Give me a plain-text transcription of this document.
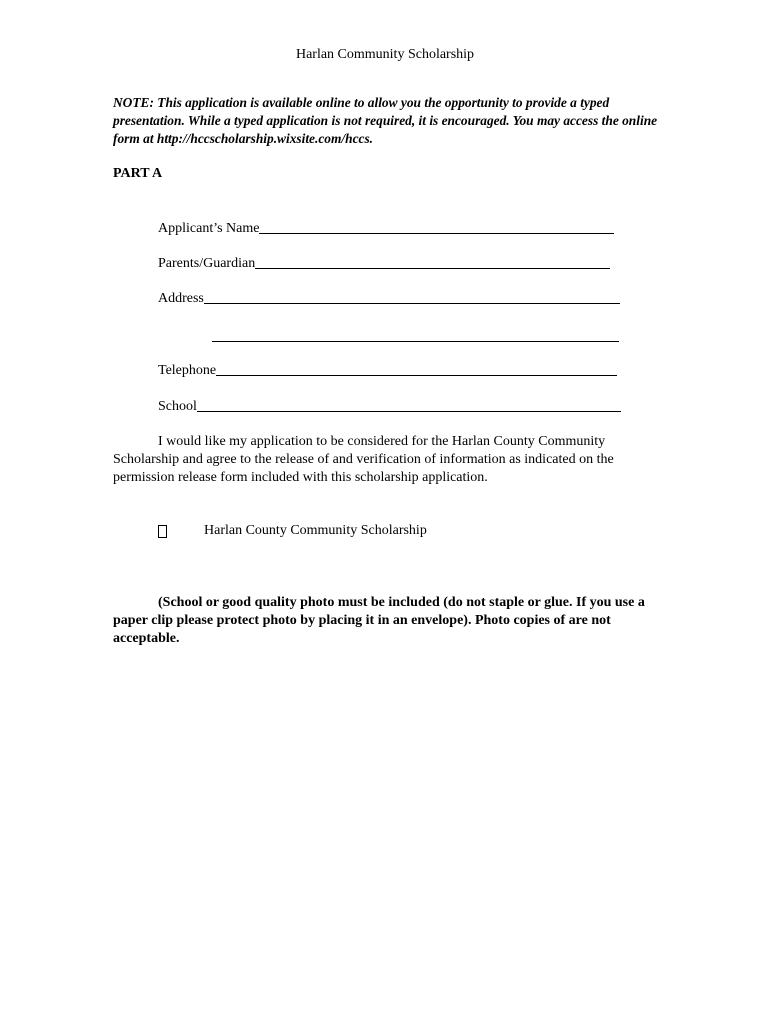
Harlan Community Scholarship
NOTE: This application is available online to allow you the opportunity to provide a typed presentation. While a typed application is not required, it is encouraged. You may access the online form at http://hccscholarship.wixsite.com/hccs.
PART A
Applicant’s Name
Parents/Guardian
Address
Telephone
School
I would like my application to be considered for the Harlan County Community Scholarship and agree to the release of and verification of information as indicated on the permission release form included with this scholarship application.
Harlan County Community Scholarship
(School or good quality photo must be included (do not staple or glue. If you use a paper clip please protect photo by placing it in an envelope). Photo copies of are not acceptable.
